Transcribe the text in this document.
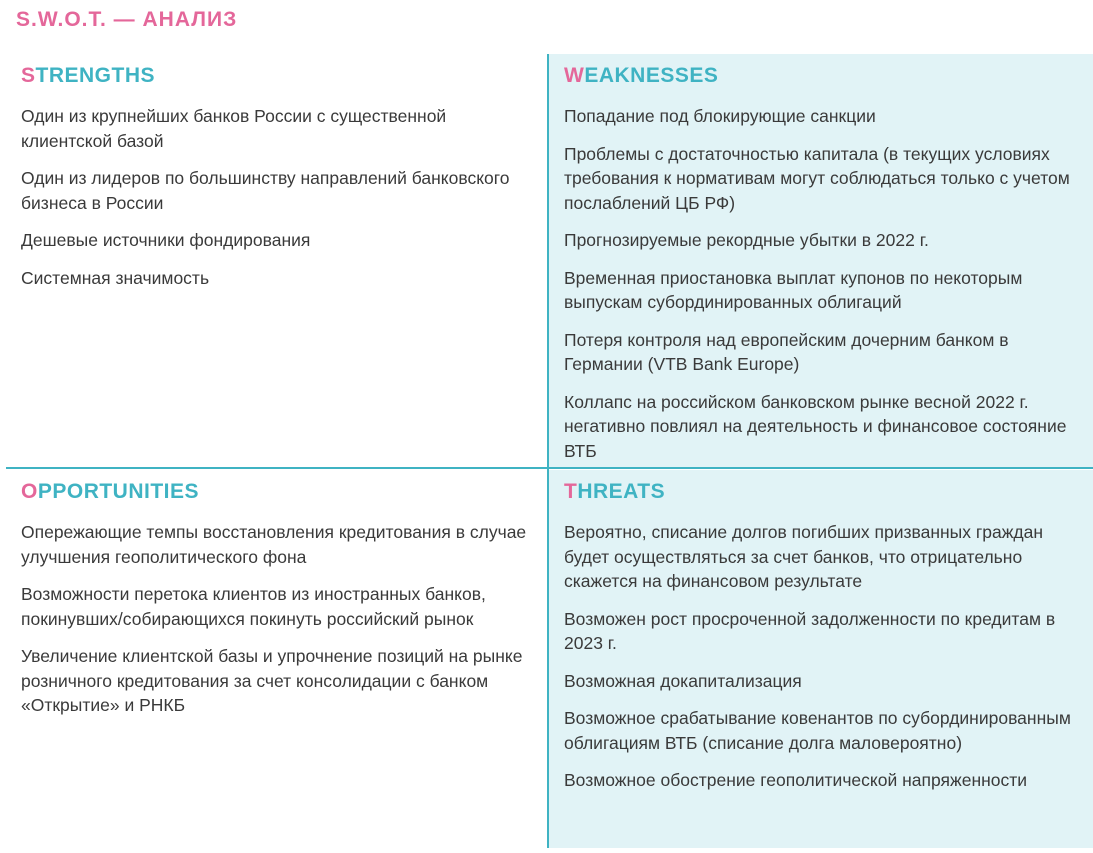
S.W.O.T. — АНАЛИЗ
STRENGTHS
Один из крупнейших банков России с существенной клиентской базой
Один из лидеров по большинству направлений банковского бизнеса в России
Дешевые источники фондирования
Системная значимость
WEAKNESSES
Попадание под блокирующие санкции
Проблемы с достаточностью капитала (в текущих условиях требования к нормативам могут соблюдаться только с учетом послаблений ЦБ РФ)
Прогнозируемые рекордные убытки в 2022 г.
Временная приостановка выплат купонов по некоторым выпускам субординированных облигаций
Потеря контроля над европейским дочерним банком в Германии (VTB Bank Europe)
Коллапс на российском банковском рынке весной 2022 г. негативно повлиял на деятельность и финансовое состояние ВТБ
OPPORTUNITIES
Опережающие темпы восстановления кредитования в случае улучшения геополитического фона
Возможности перетока клиентов из иностранных банков, покинувших/собирающихся покинуть российский рынок
Увеличение клиентской базы и упрочнение позиций на рынке розничного кредитования за счет консолидации с банком «Открытие» и РНКБ
THREATS
Вероятно, списание долгов погибших призванных граждан будет осуществляться за счет банков, что отрицательно скажется на финансовом результате
Возможен рост просроченной задолженности по кредитам в 2023 г.
Возможная докапитализация
Возможное срабатывание ковенантов по субординированным облигациям ВТБ (списание долга маловероятно)
Возможное обострение геополитической напряженности
